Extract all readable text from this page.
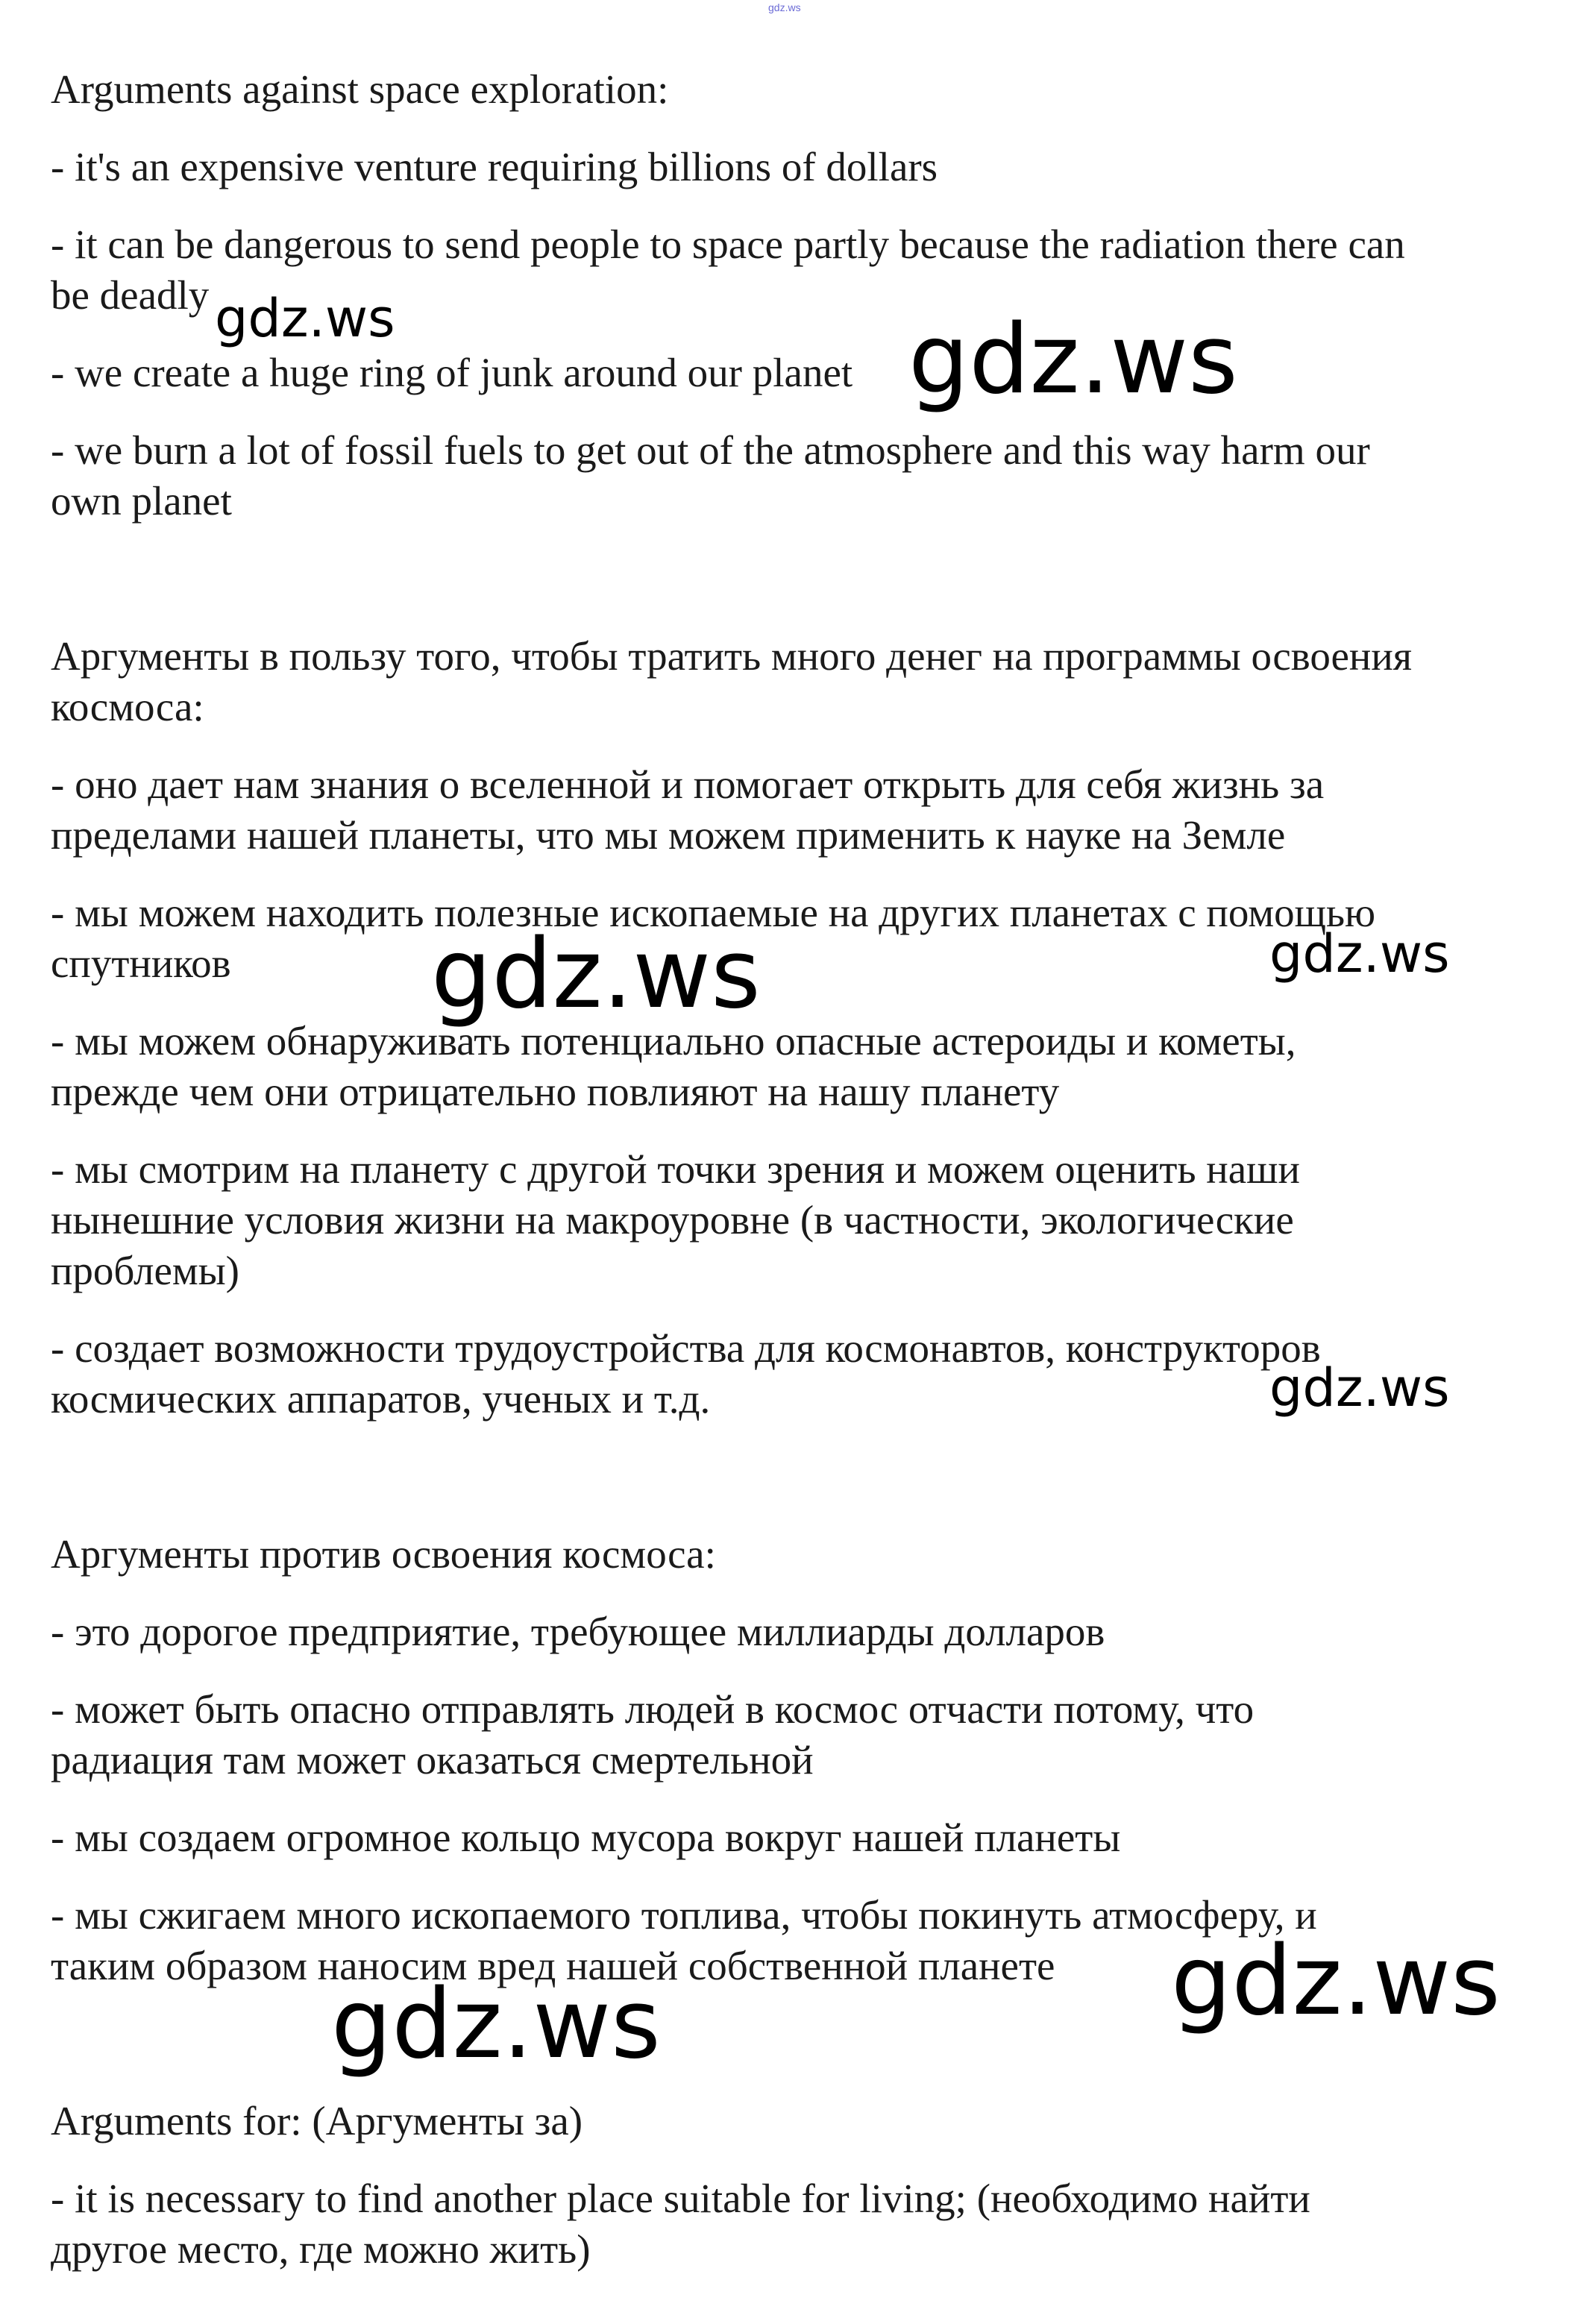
gdz.ws

Arguments against space exploration:

- it's an expensive venture requiring billions of dollars

- it can be dangerous to send people to space partly because the radiation there can
be deadly

- we create a huge ring of junk around our planet

- we burn a lot of fossil fuels to get out of the atmosphere and this way harm our
own planet

Аргументы в пользу того, чтобы тратить много денег на программы освоения
космоса:

- оно дает нам знания о вселенной и помогает открыть для себя жизнь за
пределами нашей планеты, что мы можем применить к науке на Земле

- мы можем находить полезные ископаемые на других планетах с помощью
спутников

- мы можем обнаруживать потенциально опасные астероиды и кометы,
прежде чем они отрицательно повлияют на нашу планету

- мы смотрим на планету с другой точки зрения и можем оценить наши
нынешние условия жизни на макроуровне (в частности, экологические
проблемы)

- создает возможности трудоустройства для космонавтов, конструкторов
космических аппаратов, ученых и т.д.

Аргументы против освоения космоса:

- это дорогое предприятие, требующее миллиарды долларов

- может быть опасно отправлять людей в космос отчасти потому, что
радиация там может оказаться смертельной

- мы создаем огромное кольцо мусора вокруг нашей планеты

- мы сжигаем много ископаемого топлива, чтобы покинуть атмосферу, и
таким образом наносим вред нашей собственной планете

Arguments for: (Аргументы за)

- it is necessary to find another place suitable for living; (необходимо найти
другое место, где можно жить)

gdz.ws	gdz.ws
gdz.ws	gdz.ws
gdz.ws
gdz.ws
gdz.ws
